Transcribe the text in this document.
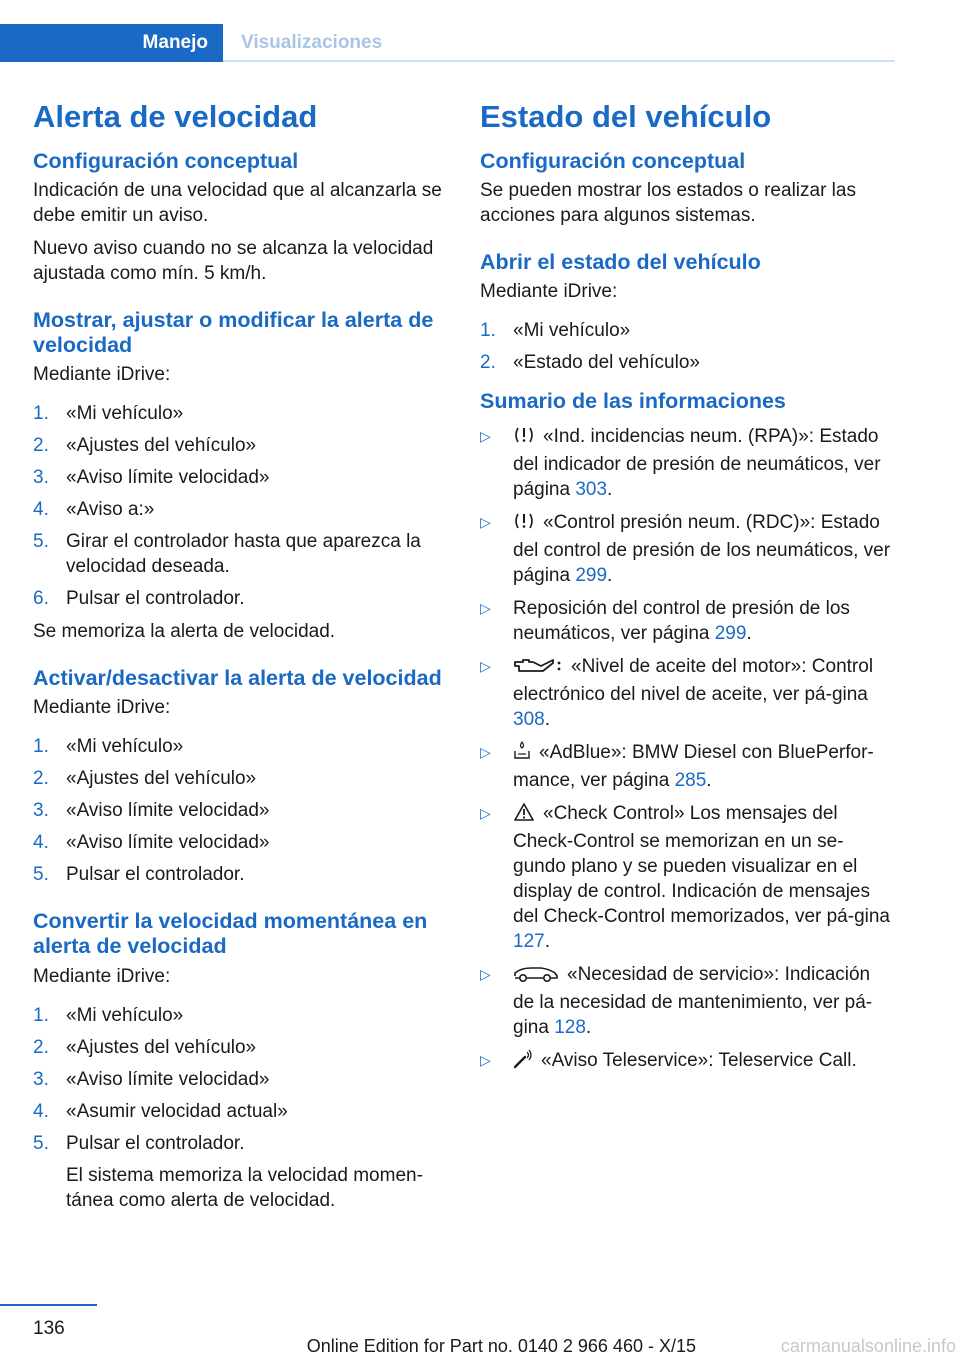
Manejo Visualizaciones
Alerta de velocidad
Configuración conceptual

Indicación de una velocidad que al alcanzarla se debe emitir un aviso.

Nuevo aviso cuando no se alcanza la velocidad ajustada como mín. 5 km/h.

Mostrar, ajustar o modificar la alerta de velocidad

Mediante iDrive:

1. «Mi vehículo»
2. «Ajustes del vehículo»
3. «Aviso límite velocidad»
4. «Aviso a:»
5. Girar el controlador hasta que aparezca la velocidad deseada.
6. Pulsar el controlador.

Se memoriza la alerta de velocidad.

Activar/desactivar la alerta de velocidad

Mediante iDrive:

1. «Mi vehículo»
2. «Ajustes del vehículo»
3. «Aviso límite velocidad»
4. «Aviso límite velocidad»
5. Pulsar el controlador.
Convertir la velocidad momentánea en alerta de velocidad

Mediante iDrive:

1. «Mi vehículo»
2. «Ajustes del vehículo»
3. «Aviso límite velocidad»
4. «Asumir velocidad actual»
5. Pulsar el controlador.
El sistema memoriza la velocidad momen‐tánea como alerta de velocidad.
Estado del vehículo
Configuración conceptual

Se pueden mostrar los estados o realizar las acciones para algunos sistemas.

Abrir el estado del vehículo

Mediante iDrive:

1. «Mi vehículo»
2. «Estado del vehículo»
Sumario de las informaciones
▷	«Ind. incidencias neum. (RPA)»: Estado del indicador de presión de neumáticos, ver página 303.
▷	«Control presión neum. (RDC)»: Estado del control de presión de los neumáticos, ver página 299.
▷	Reposición del control de presión de los neumáticos, ver página 299.
▷	«Nivel de aceite del motor»: Control electrónico del nivel de aceite, ver pá‐gina 308.
▷	«AdBlue»: BMW Diesel con BluePerfor‐mance, ver página 285.
▷	«Check Control» Los mensajes del Check-Control se memorizan en un se‐gundo plano y se pueden visualizar en el display de control. Indicación de mensajes del Check-Control memorizados, ver pá‐gina 127.
▷	«Necesidad de servicio»: Indicación de la necesidad de mantenimiento, ver pá‐gina 128.
▷	«Aviso Teleservice»: Teleservice Call.
136
Online Edition for Part no. 0140 2 966 460 - X/15	carmanualsonline.info
